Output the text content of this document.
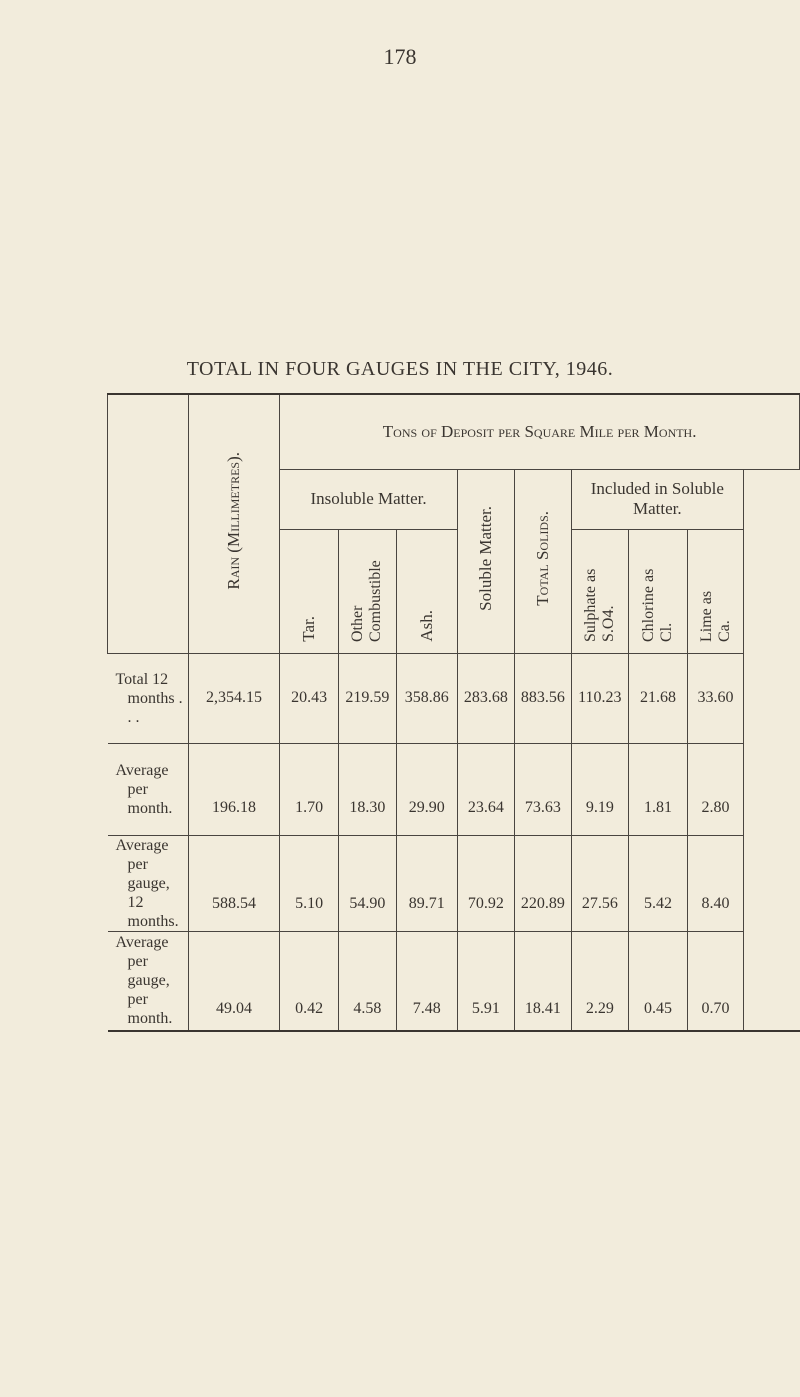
178
TOTAL IN FOUR GAUGES IN THE CITY, 1946.
	Rain (Millimetres).	Tons of Deposit per Square Mile per Month.							
		Insoluble Matter.			Soluble Matter.	Total Solids.	Included in Soluble Matter.		
		Tar.	Other Combustible	Ash.			Sulphate as S.O4.	Chlorine as Cl.	Lime as Ca.

Total 12
months . . .	2,354.15	20.43	219.59	358.86	283.68	883.56	110.23	21.68	33.60

Average
per month.	196.18	1.70	18.30	29.90	23.64	73.63	9.19	1.81	2.80

Average
per gauge,
12 months.	588.54	5.10	54.90	89.71	70.92	220.89	27.56	5.42	8.40

Average
per gauge,
per month.	49.04	0.42	4.58	7.48	5.91	18.41	2.29	0.45	0.70
